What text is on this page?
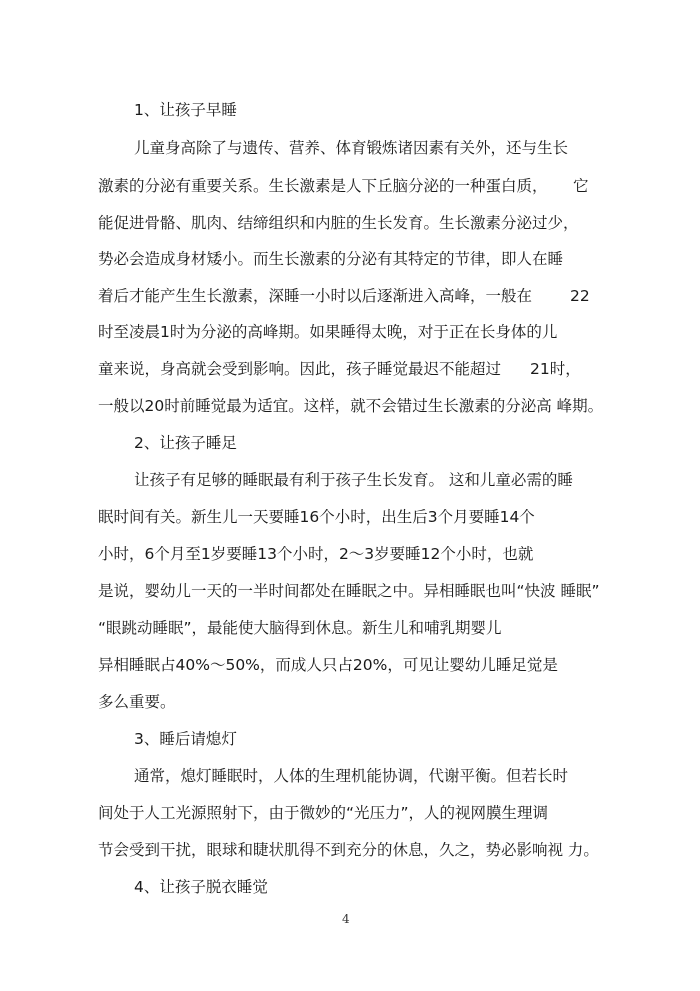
1、让孩子早睡
儿童身高除了与遗传、营养、体育锻炼诸因素有关外，还与生长
激素的分泌有重要关系。生长激素是人下丘脑分泌的一种蛋白质， 它
能促进骨骼、肌肉、结缔组织和内脏的生长发育。生长激素分泌过少，
势必会造成身材矮小。而生长激素的分泌有其特定的节律，即人在睡
着后才能产生生长激素，深睡一小时以后逐渐进入高峰，一般在 22
时至凌晨1时为分泌的高峰期。如果睡得太晚，对于正在长身体的儿
童来说，身高就会受到影响。因此，孩子睡觉最迟不能超过 21时，
一般以20时前睡觉最为适宜。这样，就不会错过生长激素的分泌高 峰期。
2、让孩子睡足
让孩子有足够的睡眠最有利于孩子生长发育。 这和儿童必需的睡
眠时间有关。新生儿一天要睡16个小时，出生后3个月要睡14个
小时，6个月至1岁要睡13个小时，2〜3岁要睡12个小时，也就
是说，婴幼儿一天的一半时间都处在睡眠之中。异相睡眠也叫“快波 睡眠”
“眼跳动睡眠”，最能使大脑得到休息。新生儿和哺乳期婴儿
异相睡眠占40%〜50%，而成人只占20%，可见让婴幼儿睡足觉是
多么重要。
3、睡后请熄灯
通常，熄灯睡眠时，人体的生理机能协调，代谢平衡。但若长时
间处于人工光源照射下，由于微妙的“光压力”，人的视网膜生理调
节会受到干扰，眼球和睫状肌得不到充分的休息，久之，势必影响视 力。
4、让孩子脱衣睡觉
4
